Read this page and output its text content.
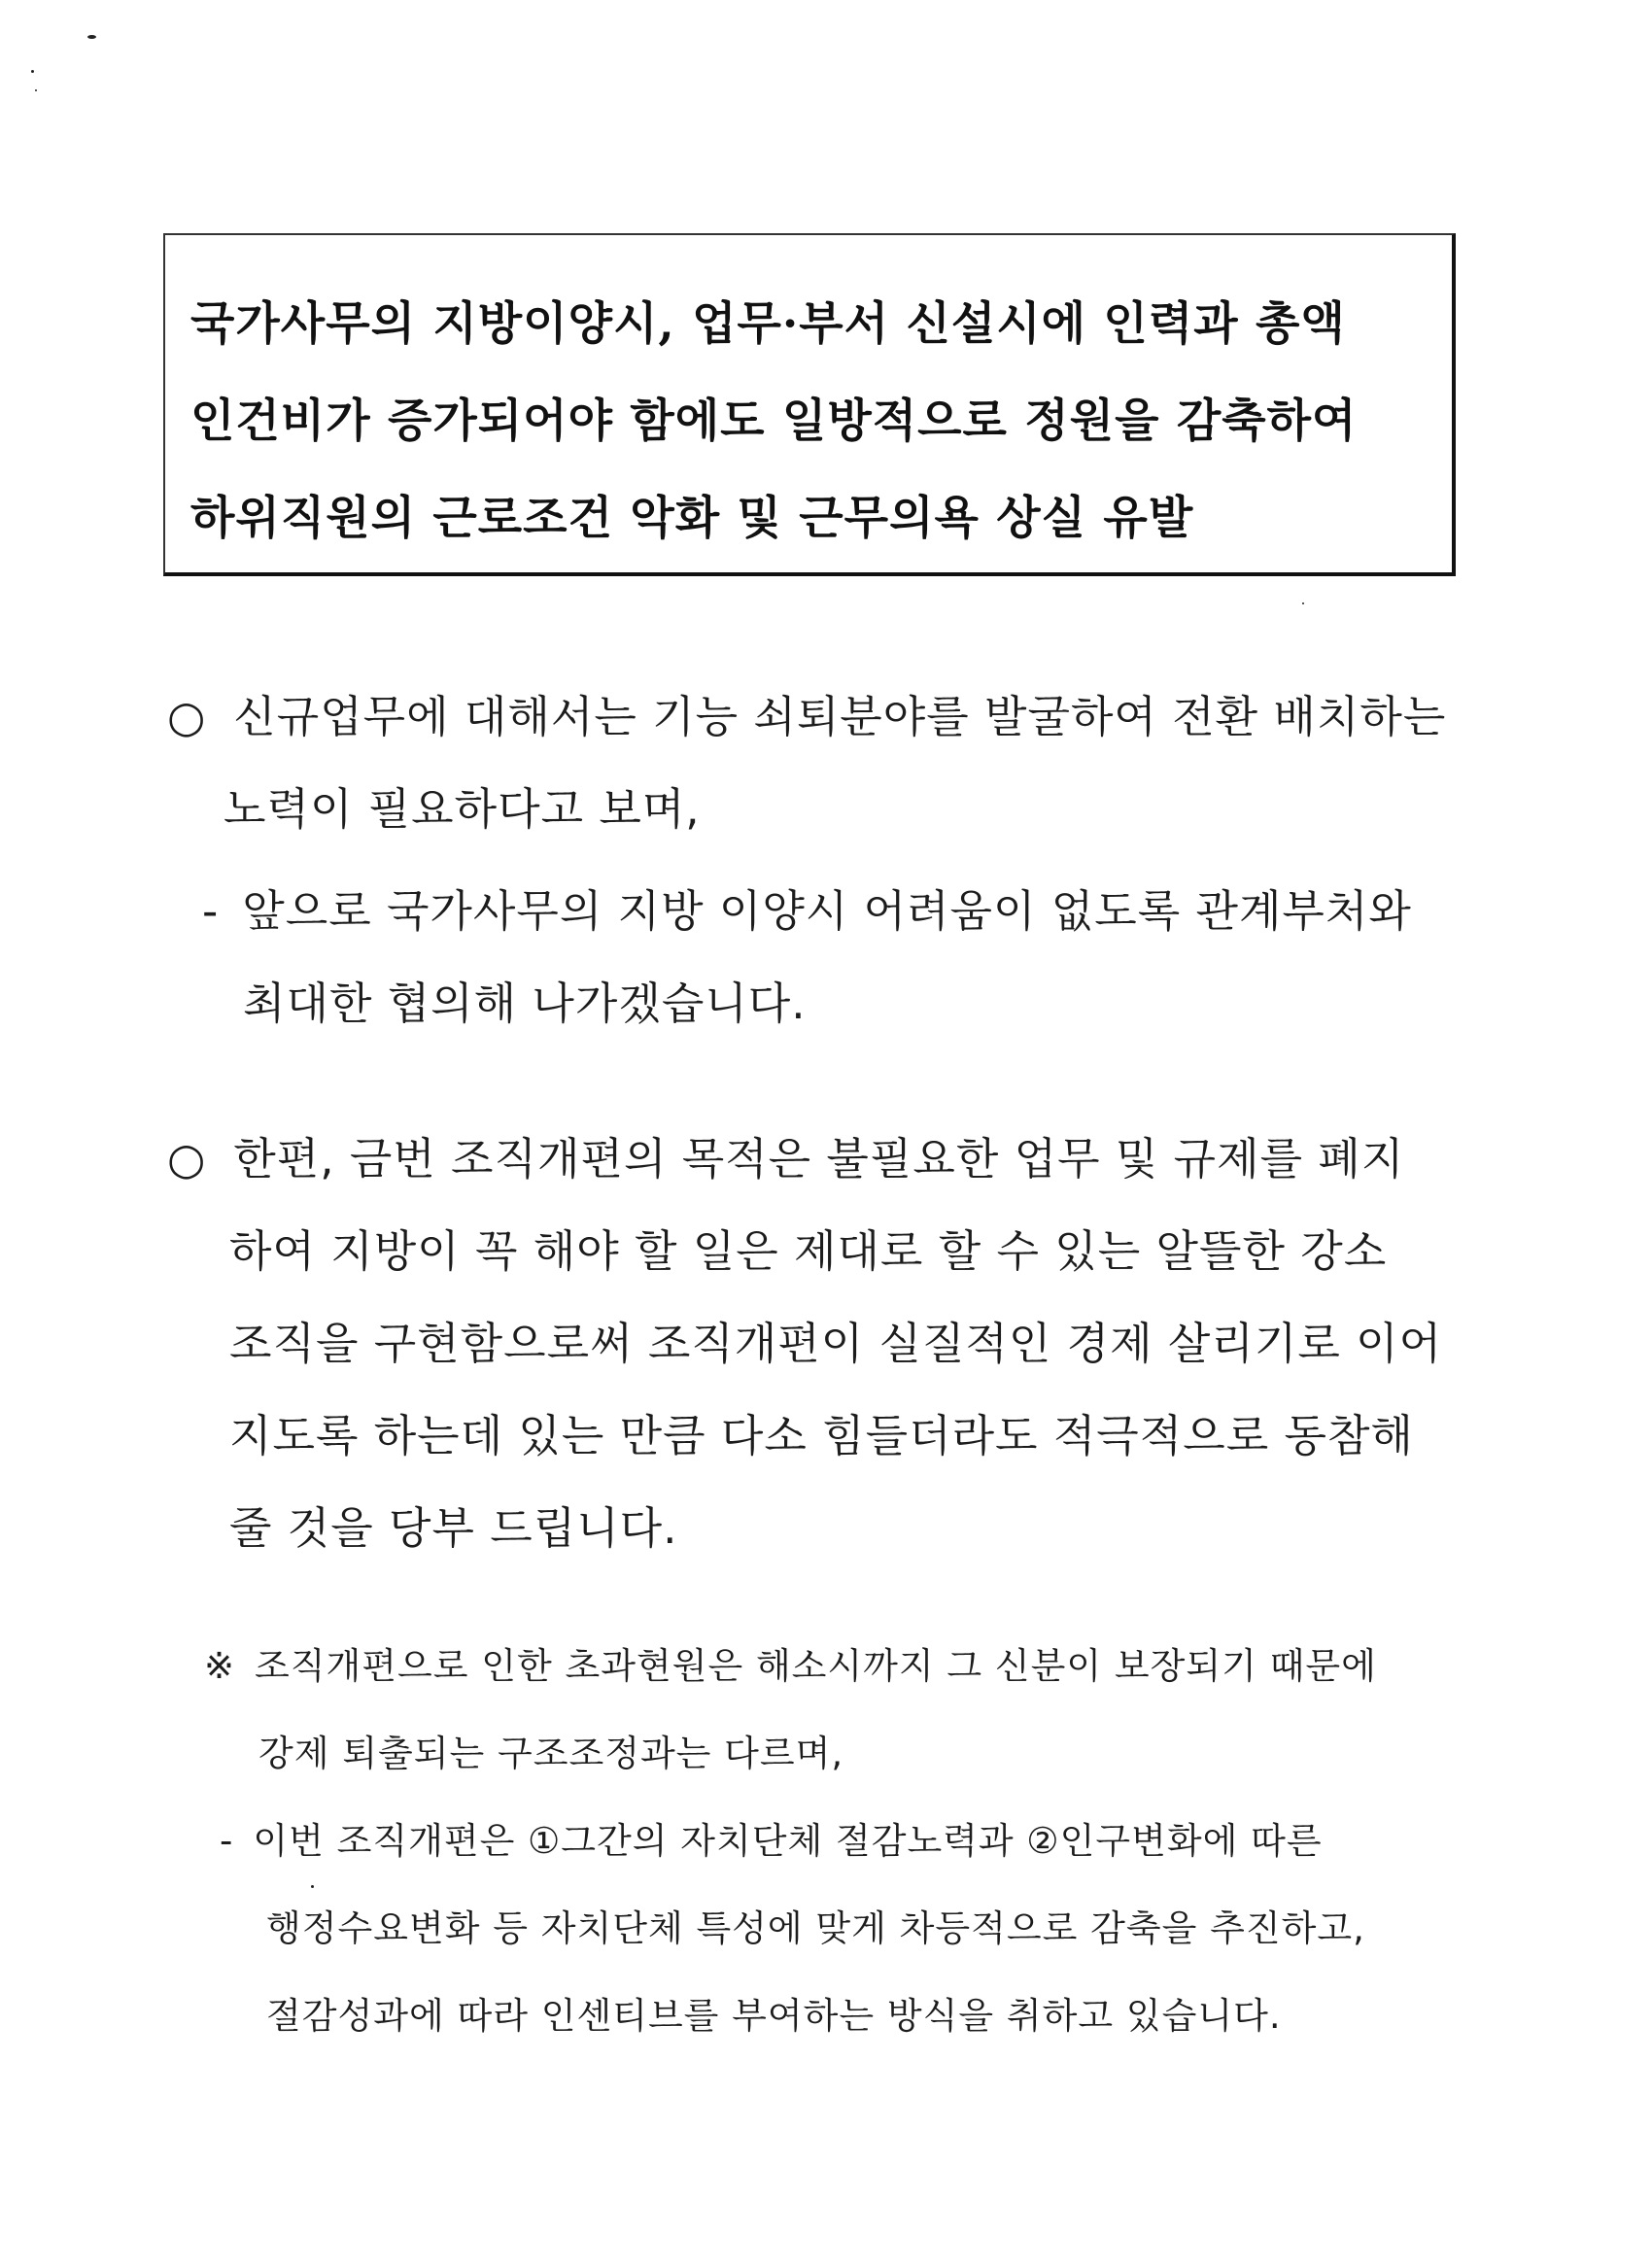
국가사무의 지방이양시, 업무·부서 신설시에 인력과 총액
인건비가 증가되어야 함에도 일방적으로 정원을 감축하여
하위직원의 근로조건 악화 및 근무의욕 상실 유발
○ 신규업무에 대해서는 기능 쇠퇴분야를 발굴하여 전환 배치하는
노력이 필요하다고 보며,
- 앞으로 국가사무의 지방 이양시 어려움이 없도록 관계부처와
최대한 협의해 나가겠습니다.
○ 한편, 금번 조직개편의 목적은 불필요한 업무 및 규제를 폐지
하여 지방이 꼭 해야 할 일은 제대로 할 수 있는 알뜰한 강소
조직을 구현함으로써 조직개편이 실질적인 경제 살리기로 이어
지도록 하는데 있는 만큼 다소 힘들더라도 적극적으로 동참해
줄 것을 당부 드립니다.
※ 조직개편으로 인한 초과현원은 해소시까지 그 신분이 보장되기 때문에
강제 퇴출되는 구조조정과는 다르며,
- 이번 조직개편은 ①그간의 자치단체 절감노력과 ②인구변화에 따른
행정수요변화 등 자치단체 특성에 맞게 차등적으로 감축을 추진하고,
절감성과에 따라 인센티브를 부여하는 방식을 취하고 있습니다.
